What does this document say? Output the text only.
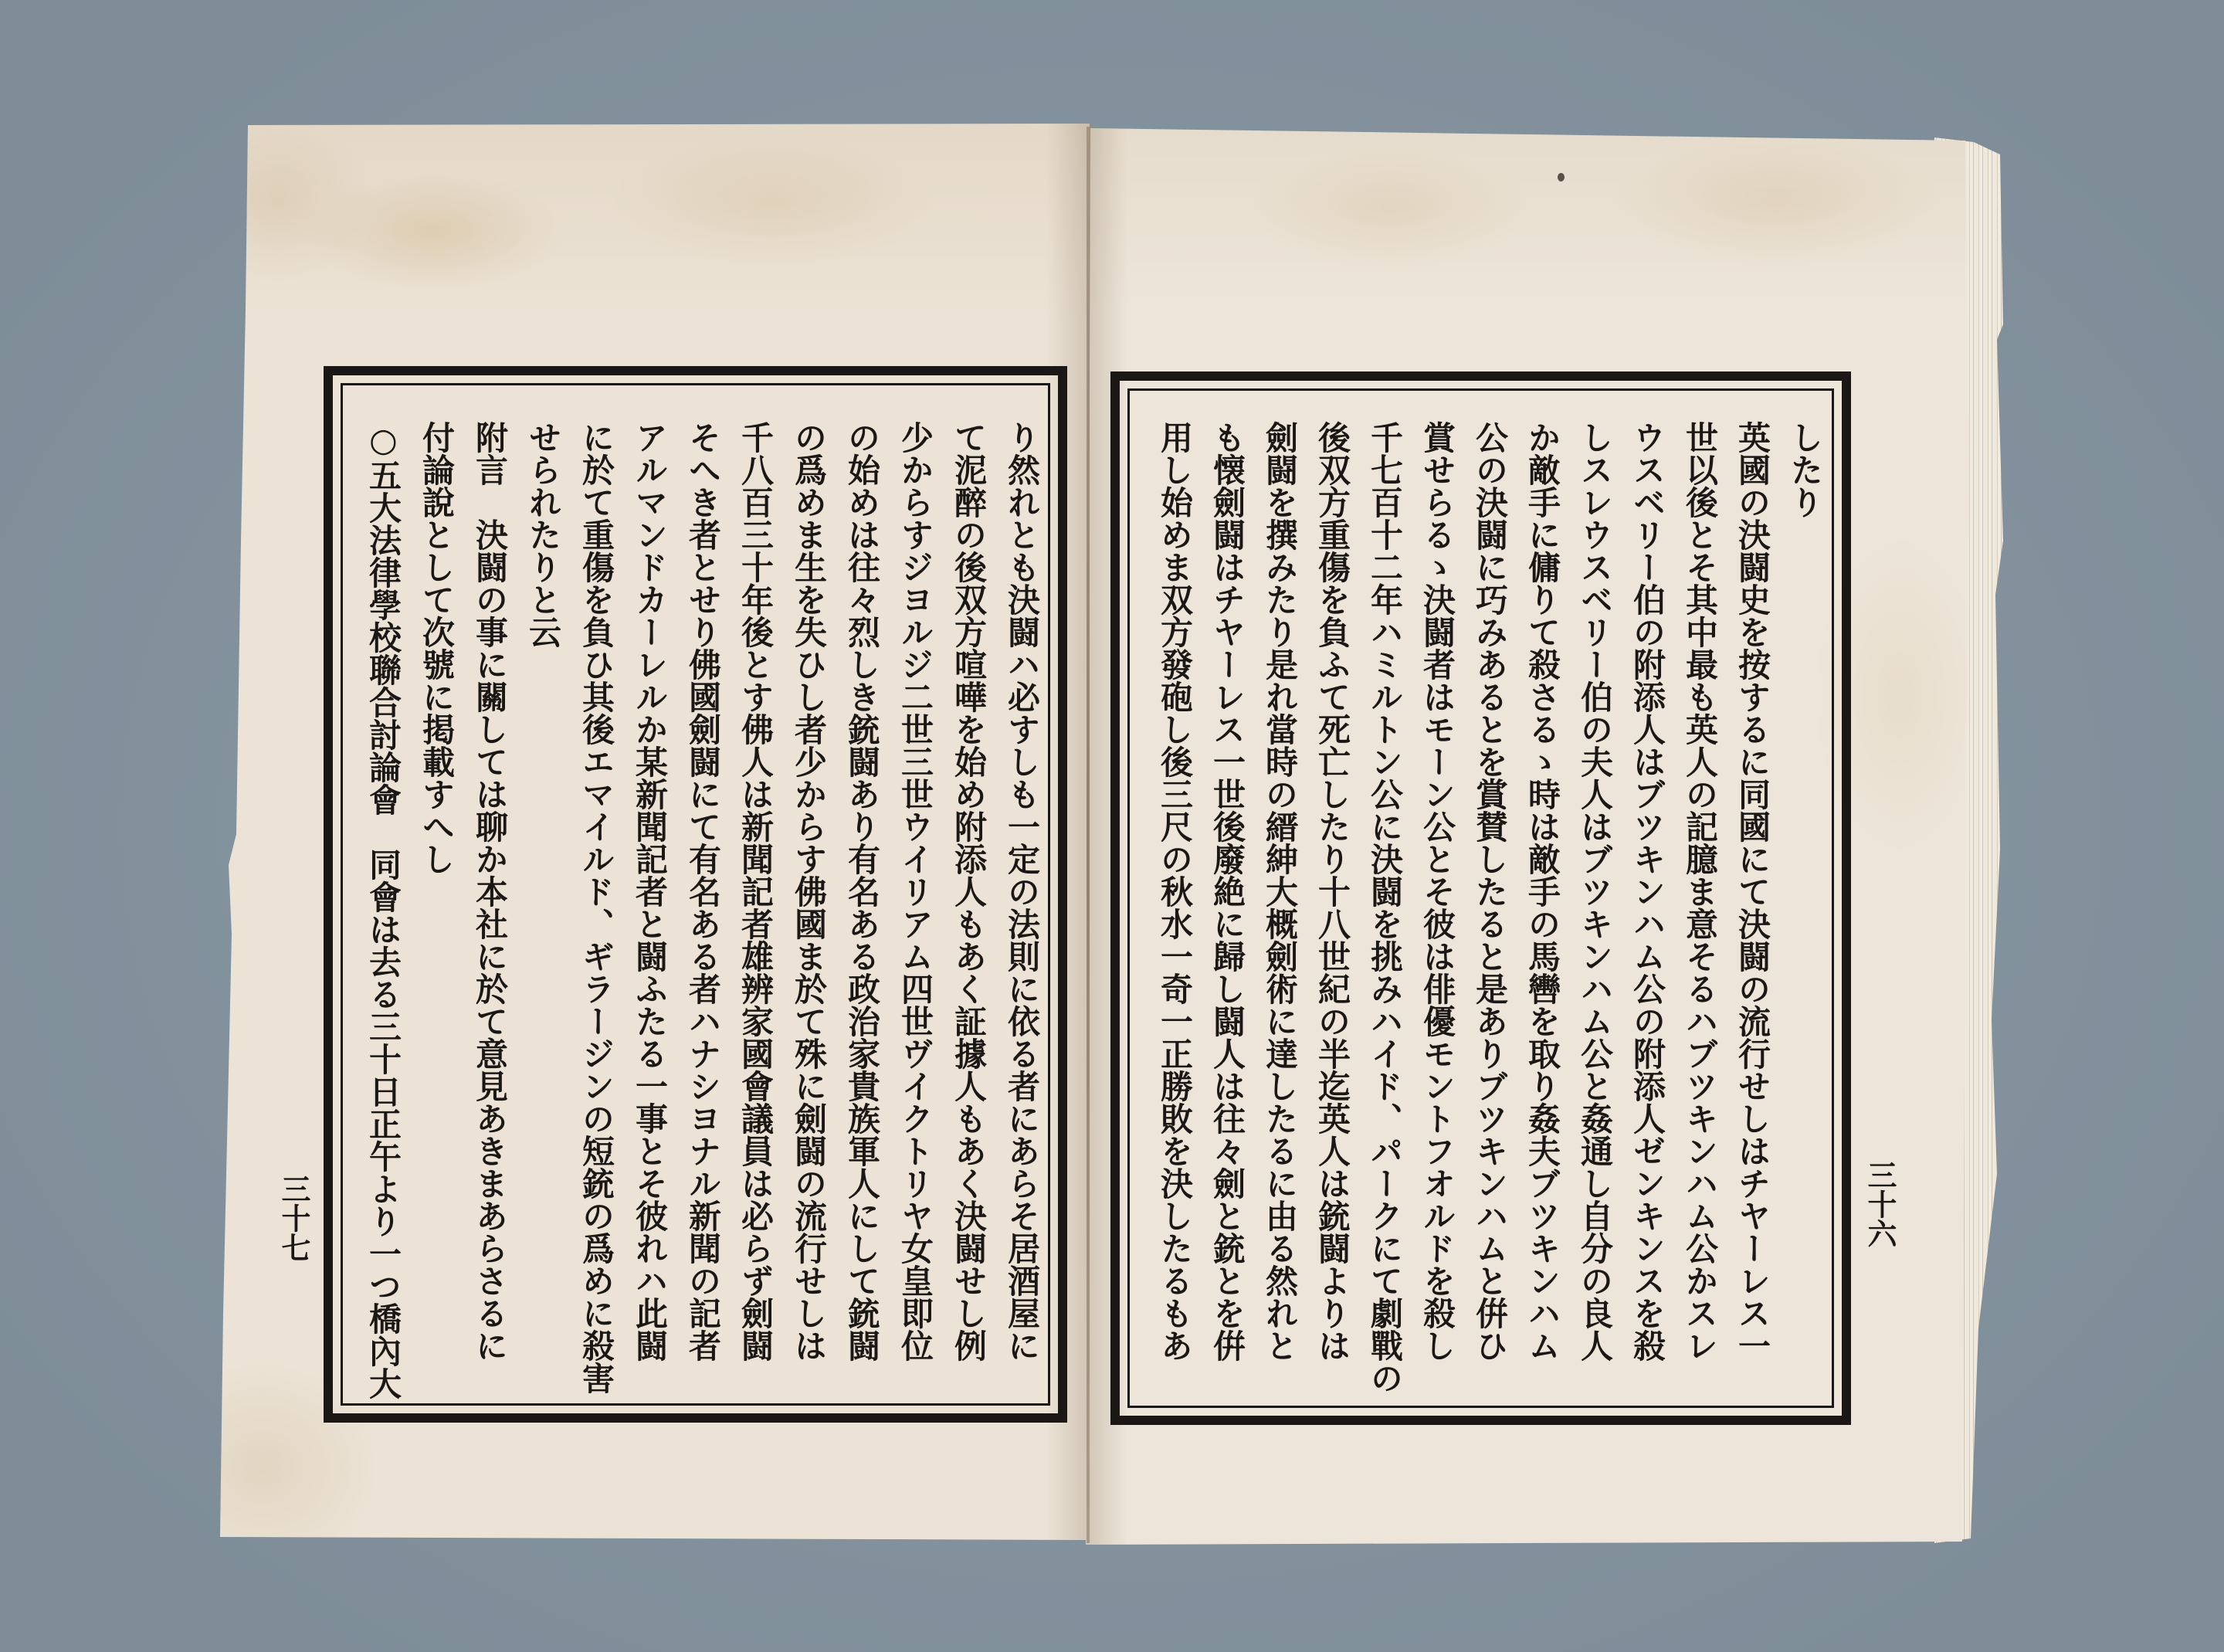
り然れとも決闘ハ必すしも一定の法則に依る者にあらそ居酒屋に
て泥醉の後双方喧嘩を始め附添人もあく証據人もあく決闘せし例
少からすジヨルジ二世三世ウイリアム四世ヴイクトリヤ女皇即位
の始めは往々烈しき銃闘あり有名ある政治家貴族軍人にして銃闘
の爲めま生を失ひし者少からす佛國ま於て殊に劍闘の流行せしは
千八百三十年後とす佛人は新聞記者雄辨家國會議員は必らず劍闘
そへき者とせり佛國劍闘にて有名ある者ハナシヨナル新聞の記者
アルマンドカーレルか某新聞記者と闘ふたる一事とそ彼れハ此闘
に於て重傷を負ひ其後エマイルド、ギラージンの短銃の爲めに殺害
せられたりと云
附言　決闘の事に關しては聊か本社に於て意見あきまあらさるに
付論說として次號に掲載すへし
○五大法律學校聯合討論會　同會は去る三十日正午より一つ橋內大
三十七
したり
英國の決闘史を按するに同國にて決闘の流行せしはチヤーレス一
世以後とそ其中最も英人の記臆ま意そるハブツキンハム公かスレ
ウスベリー伯の附添人はブツキンハム公の附添人ゼンキンスを殺
しスレウスベリー伯の夫人はブツキンハム公と姦通し自分の良人
か敵手に傭りて殺さるゝ時は敵手の馬轡を取り姦夫ブツキンハム
公の決闘に巧みあるとを賞賛したると是ありブツキンハムと倂ひ
賞せらるゝ決闘者はモーン公とそ彼は俳優モントフオルドを殺し
千七百十二年ハミルトン公に決闘を挑みハイド、パークにて劇戰の
後双方重傷を負ふて死亡したり十八世紀の半迄英人は銃闘よりは
劍闘を撰みたり是れ當時の縉紳大概劍術に達したるに由る然れと
も懐劍闘はチヤーレス一世後廢絶に歸し闘人は往々劍と銃とを倂
用し始めま双方發砲し後三尺の秋水一奇一正勝敗を決したるもあ	三十六
